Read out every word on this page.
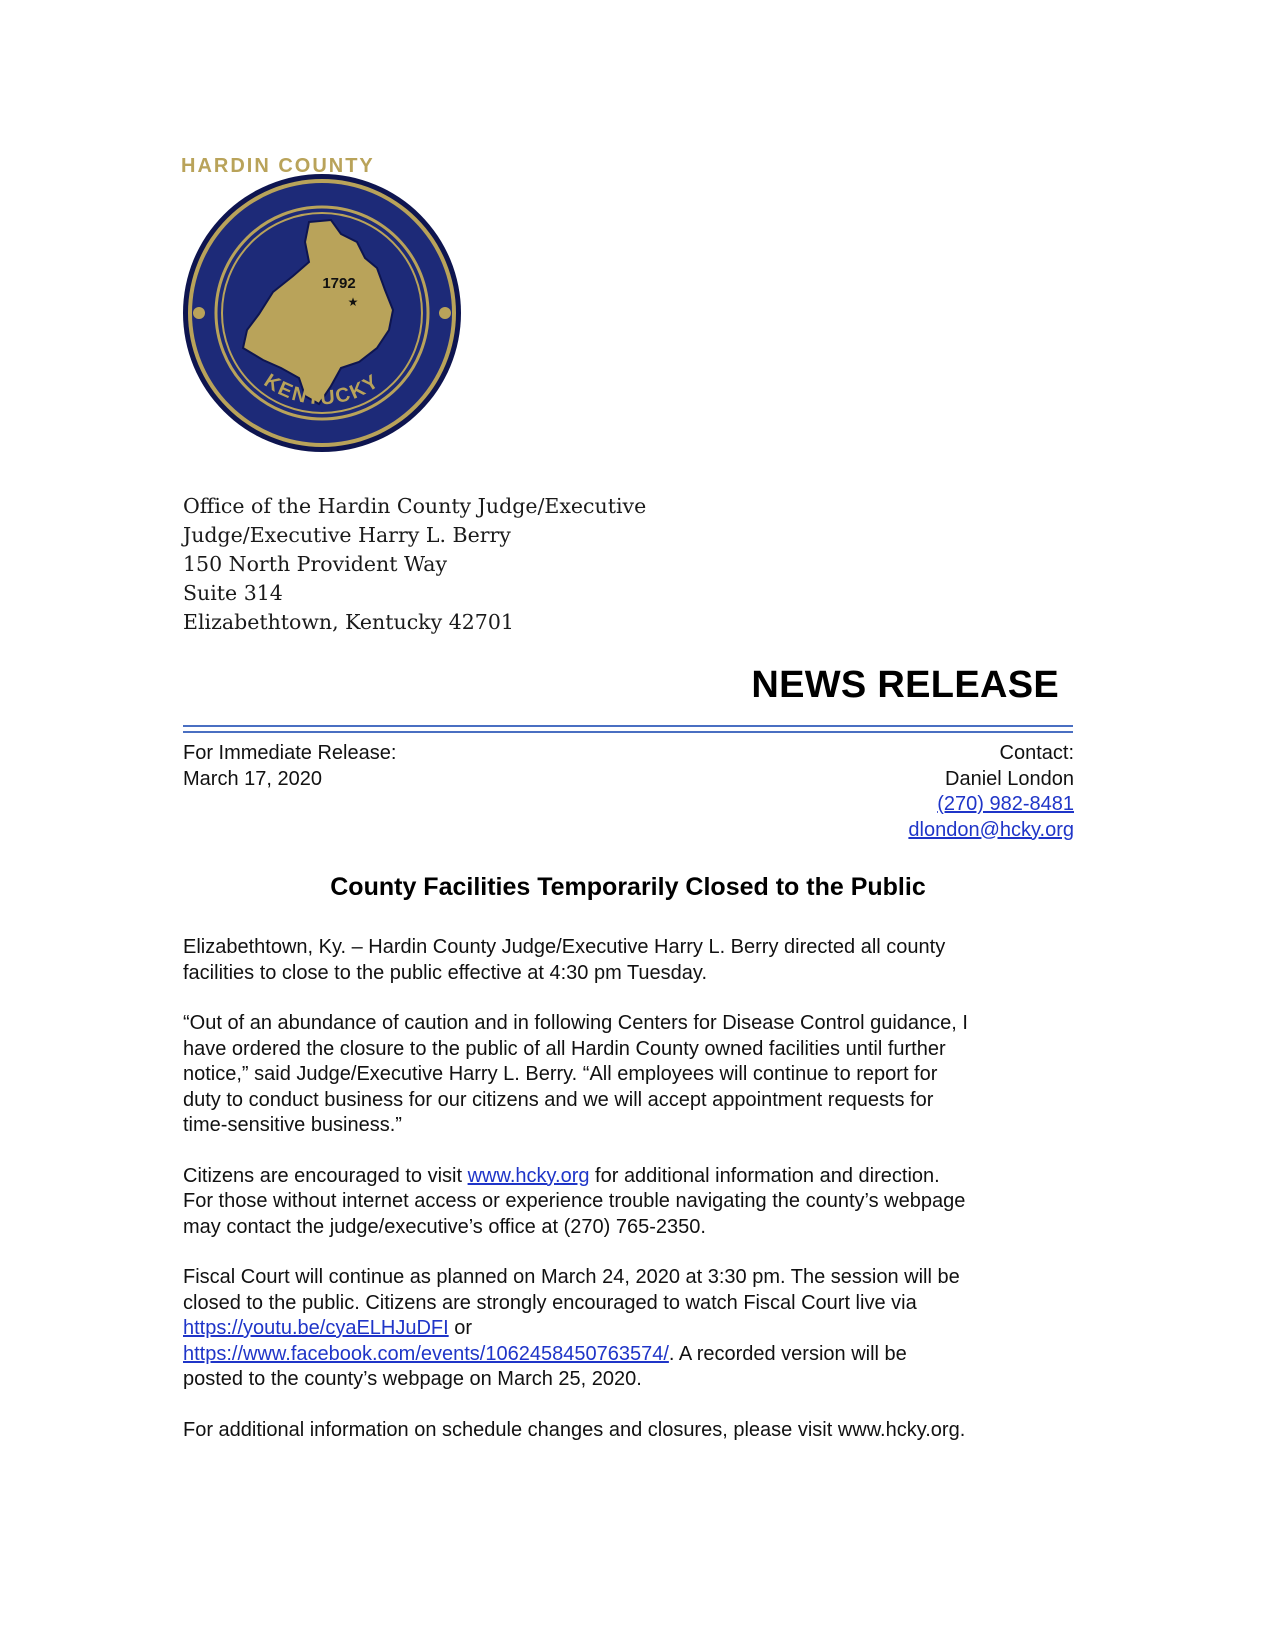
HARDIN COUNTY
1792
★
KENTUCKY
Office of the Hardin County Judge/Executive
Judge/Executive Harry L. Berry
150 North Provident Way
Suite 314
Elizabethtown, Kentucky 42701
NEWS RELEASE
For Immediate Release:
March 17, 2020
Contact:
Daniel London
(270) 982-8481
dlondon@hcky.org
County Facilities Temporarily Closed to the Public

Elizabethtown, Ky. – Hardin County Judge/Executive Harry L. Berry directed all county
facilities to close to the public effective at 4:30 pm Tuesday.

“Out of an abundance of caution and in following Centers for Disease Control guidance, I
have ordered the closure to the public of all Hardin County owned facilities until further
notice,” said Judge/Executive Harry L. Berry. “All employees will continue to report for
duty to conduct business for our citizens and we will accept appointment requests for
time-sensitive business.”

Citizens are encouraged to visit www.hcky.org for additional information and direction.
For those without internet access or experience trouble navigating the county’s webpage
may contact the judge/executive’s office at (270) 765-2350.

Fiscal Court will continue as planned on March 24, 2020 at 3:30 pm. The session will be
closed to the public. Citizens are strongly encouraged to watch Fiscal Court live via
https://youtu.be/cyaELHJuDFI or
https://www.facebook.com/events/1062458450763574/. A recorded version will be
posted to the county’s webpage on March 25, 2020.

For additional information on schedule changes and closures, please visit www.hcky.org.
